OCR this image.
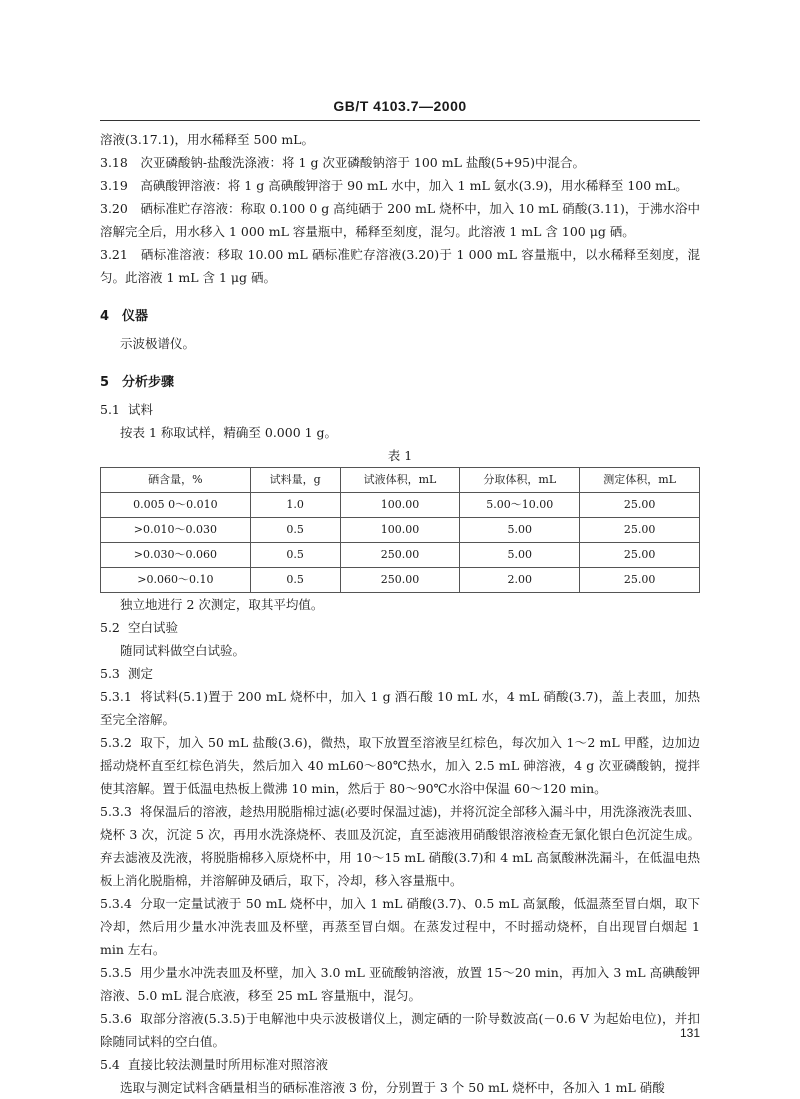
GB/T 4103.7—2000

溶液(3.17.1)，用水稀释至 500 mL。

3.18　次亚磷酸钠-盐酸洗涤液：将 1 g 次亚磷酸钠溶于 100 mL 盐酸(5+95)中混合。

3.19　高碘酸钾溶液：将 1 g 高碘酸钾溶于 90 mL 水中，加入 1 mL 氨水(3.9)，用水稀释至 100 mL。

3.20　硒标准贮存溶液：称取 0.100 0 g 高纯硒于 200 mL 烧杯中，加入 10 mL 硝酸(3.11)，于沸水浴中溶解完全后，用水移入 1 000 mL 容量瓶中，稀释至刻度，混匀。此溶液 1 mL 含 100 μg 硒。

3.21　硒标准溶液：移取 10.00 mL 硒标准贮存溶液(3.20)于 1 000 mL 容量瓶中，以水稀释至刻度，混匀。此溶液 1 mL 含 1 μg 硒。

4 仪器

示波极谱仪。

5 分析步骤

5.1 试料

按表 1 称取试样，精确至 0.000 1 g。

表 1

硒含量，%	试料量，g	试液体积，mL	分取体积，mL	测定体积，mL
0.005 0～0.010	1.0	100.00	5.00～10.00	25.00
>0.010～0.030	0.5	100.00	5.00	25.00
>0.030～0.060	0.5	250.00	5.00	25.00
>0.060～0.10	0.5	250.00	2.00	25.00

独立地进行 2 次测定，取其平均值。

5.2 空白试验

随同试料做空白试验。

5.3 测定

5.3.1 将试料(5.1)置于 200 mL 烧杯中，加入 1 g 酒石酸 10 mL 水，4 mL 硝酸(3.7)，盖上表皿，加热至完全溶解。

5.3.2 取下，加入 50 mL 盐酸(3.6)，微热，取下放置至溶液呈红棕色，每次加入 1～2 mL 甲醛，边加边摇动烧杯直至红棕色消失，然后加入 40 mL60～80℃热水，加入 2.5 mL 砷溶液，4 g 次亚磷酸钠，搅拌使其溶解。置于低温电热板上微沸 10 min，然后于 80～90℃水浴中保温 60～120 min。

5.3.3 将保温后的溶液，趁热用脱脂棉过滤(必要时保温过滤)，并将沉淀全部移入漏斗中，用洗涤液洗表皿、烧杯 3 次，沉淀 5 次，再用水洗涤烧杯、表皿及沉淀，直至滤液用硝酸银溶液检查无氯化银白色沉淀生成。弃去滤液及洗液，将脱脂棉移入原烧杯中，用 10～15 mL 硝酸(3.7)和 4 mL 高氯酸淋洗漏斗，在低温电热板上消化脱脂棉，并溶解砷及硒后，取下，冷却，移入容量瓶中。

5.3.4 分取一定量试液于 50 mL 烧杯中，加入 1 mL 硝酸(3.7)、0.5 mL 高氯酸，低温蒸至冒白烟，取下冷却，然后用少量水冲洗表皿及杯壁，再蒸至冒白烟。在蒸发过程中，不时摇动烧杯，自出现冒白烟起 1 min 左右。

5.3.5 用少量水冲洗表皿及杯壁，加入 3.0 mL 亚硫酸钠溶液，放置 15～20 min，再加入 3 mL 高碘酸钾溶液、5.0 mL 混合底液，移至 25 mL 容量瓶中，混匀。

5.3.6 取部分溶液(5.3.5)于电解池中央示波极谱仪上，测定硒的一阶导数波高(－0.6 V 为起始电位)，并扣除随同试料的空白值。

5.4 直接比较法测量时所用标准对照溶液

选取与测定试料含硒量相当的硒标准溶液 3 份，分别置于 3 个 50 mL 烧杯中，各加入 1 mL 硝酸

131
